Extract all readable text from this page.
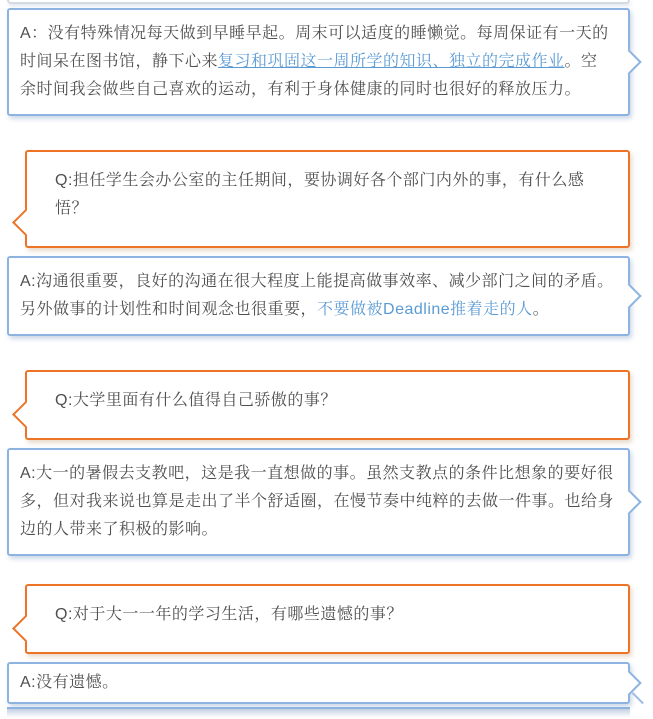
A：没有特殊情况每天做到早睡早起。周末可以适度的睡懒觉。每周保证有一天的时间呆在图书馆，静下心来复习和巩固这一周所学的知识、独立的完成作业。空余时间我会做些自己喜欢的运动，有利于身体健康的同时也很好的释放压力。

Q:担任学生会办公室的主任期间，要协调好各个部门内外的事，有什么感悟？

A:沟通很重要，良好的沟通在很大程度上能提高做事效率、减少部门之间的矛盾。另外做事的计划性和时间观念也很重要，不要做被Deadline推着走的人。

Q:大学里面有什么值得自己骄傲的事？

A:大一的暑假去支教吧，这是我一直想做的事。虽然支教点的条件比想象的要好很多，但对我来说也算是走出了半个舒适圈，在慢节奏中纯粹的去做一件事。也给身边的人带来了积极的影响。

Q:对于大一一年的学习生活，有哪些遗憾的事？

A:没有遗憾。
